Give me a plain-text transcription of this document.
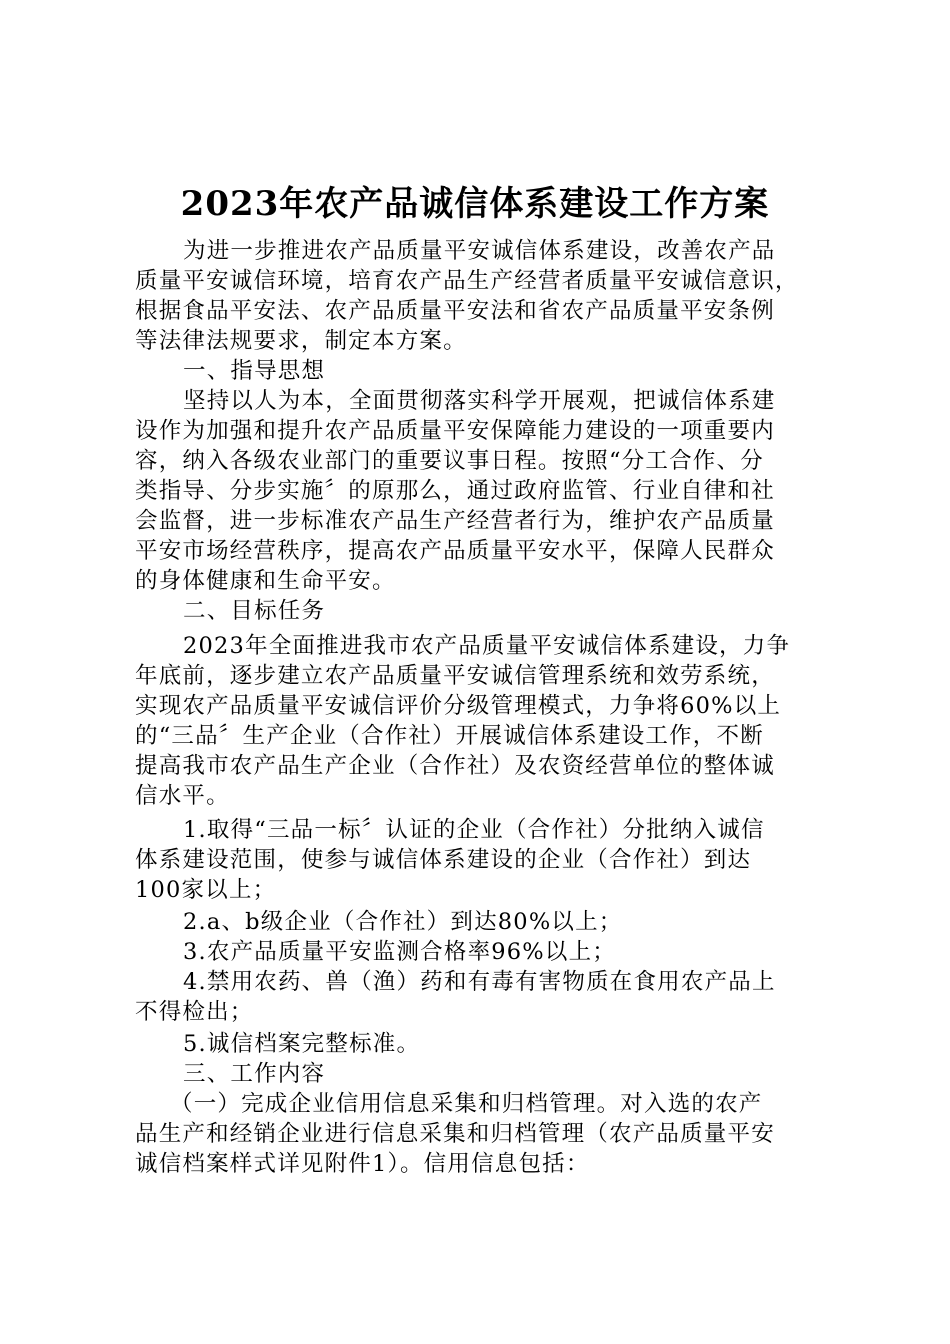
2023年农产品诚信体系建设工作方案
为进一步推进农产品质量平安诚信体系建设，改善农产品
质量平安诚信环境，培育农产品生产经营者质量平安诚信意识，
根据食品平安法、农产品质量平安法和省农产品质量平安条例
等法律法规要求，制定本方案。
一、指导思想
坚持以人为本，全面贯彻落实科学开展观，把诚信体系建
设作为加强和提升农产品质量平安保障能力建设的一项重要内
容，纳入各级农业部门的重要议事日程。按照“分工合作、分
类指导、分步实施〞的原那么，通过政府监管、行业自律和社
会监督，进一步标准农产品生产经营者行为，维护农产品质量
平安市场经营秩序，提高农产品质量平安水平，保障人民群众
的身体健康和生命平安。
二、目标任务
2023年全面推进我市农产品质量平安诚信体系建设，力争
年底前，逐步建立农产品质量平安诚信管理系统和效劳系统，
实现农产品质量平安诚信评价分级管理模式，力争将60%以上
的“三品〞生产企业（合作社）开展诚信体系建设工作，不断
提高我市农产品生产企业（合作社）及农资经营单位的整体诚
信水平。
1.取得“三品一标〞认证的企业（合作社）分批纳入诚信
体系建设范围，使参与诚信体系建设的企业（合作社）到达
100家以上；
2.a、b级企业（合作社）到达80%以上；
3.农产品质量平安监测合格率96%以上；
4.禁用农药、兽（渔）药和有毒有害物质在食用农产品上
不得检出；
5.诚信档案完整标准。
三、工作内容
（一）完成企业信用信息采集和归档管理。对入选的农产
品生产和经销企业进行信息采集和归档管理（农产品质量平安
诚信档案样式详见附件1）。信用信息包括：
